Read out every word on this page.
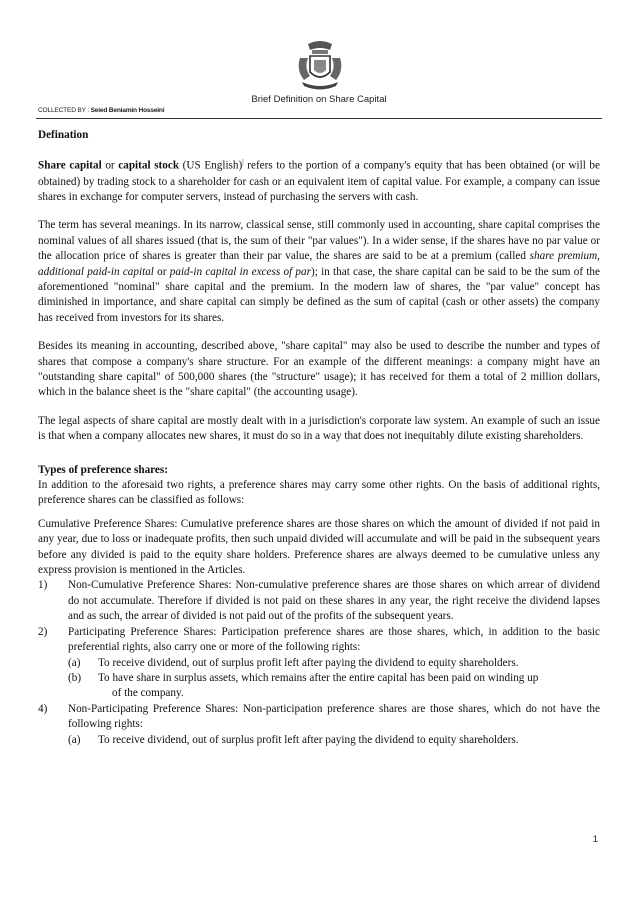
Brief Definition on Share Capital
COLLECTED BY : Seied Beniamin Hosseini

Defination

Share capital or capital stock (US English)| refers to the portion of a company's equity that has been obtained (or will be obtained) by trading stock to a shareholder for cash or an equivalent item of capital value. For example, a company can issue shares in exchange for computer servers, instead of purchasing the servers with cash.

The term has several meanings. In its narrow, classical sense, still commonly used in accounting, share capital comprises the nominal values of all shares issued (that is, the sum of their "par values"). In a wider sense, if the shares have no par value or the allocation price of shares is greater than their par value, the shares are said to be at a premium (called share premium, additional paid-in capital or paid-in capital in excess of par); in that case, the share capital can be said to be the sum of the aforementioned "nominal" share capital and the premium. In the modern law of shares, the "par value" concept has diminished in importance, and share capital can simply be defined as the sum of capital (cash or other assets) the company has received from investors for its shares.

Besides its meaning in accounting, described above, "share capital" may also be used to describe the number and types of shares that compose a company's share structure. For an example of the different meanings: a company might have an "outstanding share capital" of 500,000 shares (the "structure" usage); it has received for them a total of 2 million dollars, which in the balance sheet is the "share capital" (the accounting usage).

The legal aspects of share capital are mostly dealt with in a jurisdiction's corporate law system. An example of such an issue is that when a company allocates new shares, it must do so in a way that does not inequitably dilute existing shareholders.

Types of preference shares:

In addition to the aforesaid two rights, a preference shares may carry some other rights. On the basis of additional rights, preference shares can be classified as follows:

Cumulative Preference Shares: Cumulative preference shares are those shares on which the amount of divided if not paid in any year, due to loss or inadequate profits, then such unpaid divided will accumulate and will be paid in the subsequent years before any divided is paid to the equity share holders. Preference shares are always deemed to be cumulative unless any express provision is mentioned in the Articles.

1) Non-Cumulative Preference Shares: Non-cumulative preference shares are those shares on which arrear of dividend do not accumulate. Therefore if divided is not paid on these shares in any year, the right receive the dividend lapses and as such, the arrear of divided is not paid out of the profits of the subsequent years.

2) Participating Preference Shares: Participation preference shares are those shares, which, in addition to the basic preferential rights, also carry one or more of the following rights:

(a) To receive dividend, out of surplus profit left after paying the dividend to equity shareholders.

(b) To have share in surplus assets, which remains after the entire capital has been paid on winding up

of the company.

4) Non-Participating Preference Shares: Non-participation preference shares are those shares, which do not have the following rights:

(a) To receive dividend, out of surplus profit left after paying the dividend to equity shareholders.

1
